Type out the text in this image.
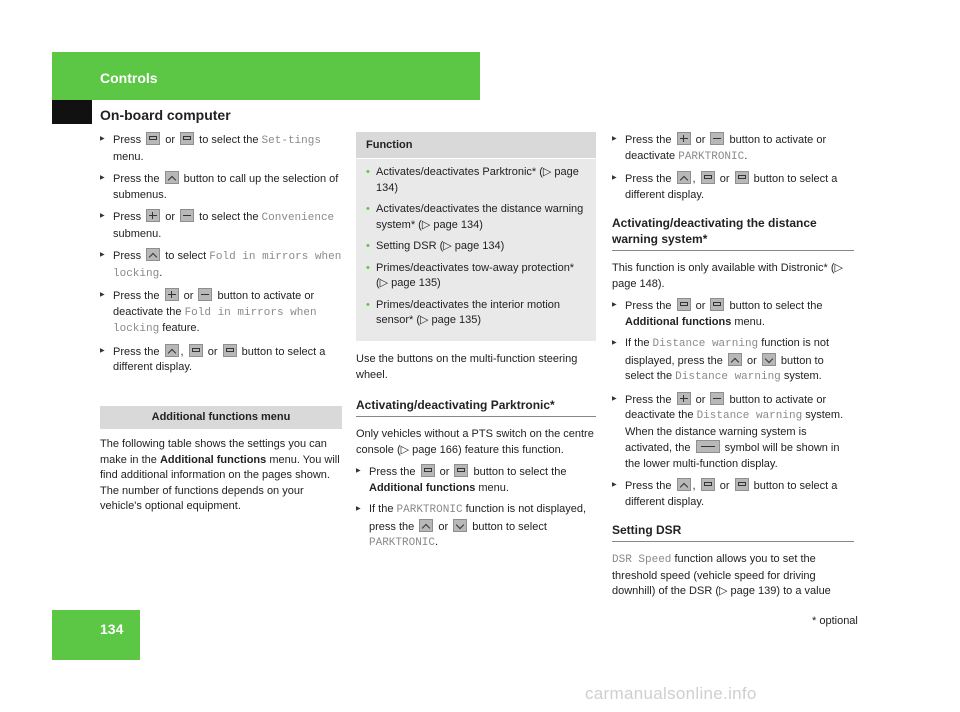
Controls
On-board computer
▶ Press or to select the Set-tings menu.
▶ Press the button to call up the selection of submenus.
▶ Press or to select the Convenience submenu.
▶ Press to select Fold in mirrors when locking.
▶ Press the or button to activate or deactivate the Fold in mirrors when locking feature.
▶ Press the , or button to select a different display.
Additional functions menu

The following table shows the settings you can make in the Additional functions menu. You will find additional information on the pages shown. The number of functions depends on your vehicle's optional equipment.

Function
• Activates/deactivates Parktronic* (▷ page 134)
• Activates/deactivates the distance warning system* (▷ page 134)
• Setting DSR (▷ page 134)
• Primes/deactivates tow-away protection* (▷ page 135)
• Primes/deactivates the interior motion sensor* (▷ page 135)

Use the buttons on the multi-function steering wheel.

Activating/deactivating Parktronic*

Only vehicles without a PTS switch on the centre console (▷ page 166) feature this function.

▶ Press the or button to select the Additional functions menu.
▶ If the PARKTRONIC function is not displayed, press the or button to select PARKTRONIC.
▶ Press the or button to activate or deactivate PARKTRONIC.
▶ Press the , or button to select a different display.
Activating/deactivating the distance warning system*

This function is only available with Distronic* (▷ page 148).

▶ Press the or button to select the Additional functions menu.
▶ If the Distance warning function is not displayed, press the or button to select the Distance warning system.
▶ Press the or button to activate or deactivate the Distance warning system.
When the distance warning system is activated, the	symbol will be shown in the lower multi-function display.
▶ Press the , or button to select a different display.
Setting DSR

DSR Speed function allows you to set the threshold speed (vehicle speed for driving downhill) of the DSR (▷ page 139) to a value

134	* optional
carmanualsonline.info
